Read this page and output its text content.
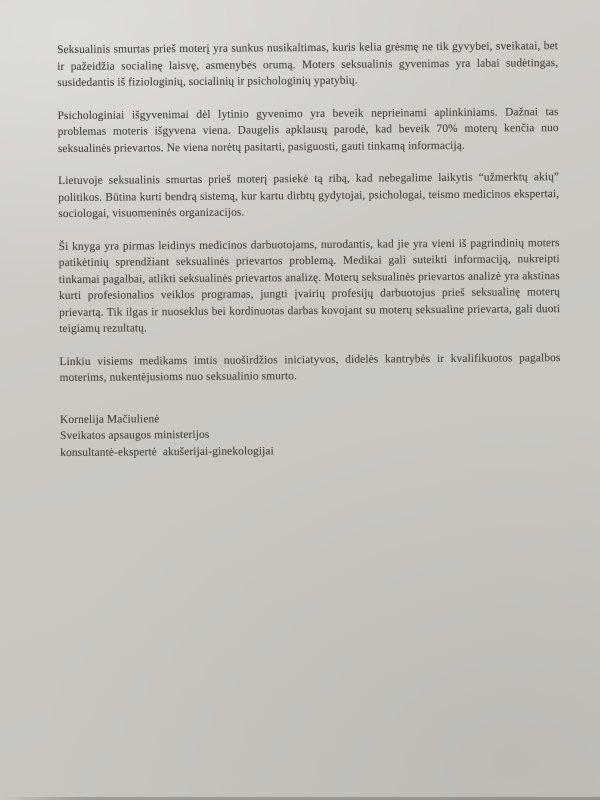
Seksualinis smurtas prieš moterį yra sunkus nusikaltimas, kuris kelia grėsmę ne tik gyvybei, sveikatai, bet ir pažeidžia socialinę laisvę, asmenybės orumą. Moters seksualinis gyvenimas yra labai sudėtingas, susidedantis iš fiziologinių, socialinių ir psichologinių ypatybių.

Psichologiniai išgyvenimai dėl lytinio gyvenimo yra beveik neprieinami aplinkiniams. Dažnai tas problemas moteris išgyvena viena. Daugelis apklausų parodė, kad beveik 70% moterų kenčia nuo seksualinės prievartos. Ne viena norėtų pasitarti, pasiguosti, gauti tinkamą informaciją.

Lietuvoje seksualinis smurtas prieš moterį pasiekė tą ribą, kad nebegalime laikytis “užmerktų akių” politikos. Būtina kurti bendrą sistemą, kur kartu dirbtų gydytojai, psichologai, teismo medicinos ekspertai, sociologai, visuomeninės organizacijos.

Ši knyga yra pirmas leidinys medicinos darbuotojams, nurodantis, kad jie yra vieni iš pagrindinių moters patikėtinių sprendžiant seksualinės prievartos problemą. Medikai gali suteikti informaciją, nukreipti tinkamai pagalbai, atlikti seksualinės prievartos analizę. Moterų seksualinės prievartos analizė yra akstinas kurti profesionalios veiklos programas, jungti įvairių profesijų darbuotojus prieš seksualinę moterų prievartą. Tik ilgas ir nuoseklus bei kordinuotas darbas kovojant su moterų seksualine prievarta, gali duoti teigiamų rezultatų.

Linkiu visiems medikams imtis nuoširdžios iniciatyvos, didelės kantrybės ir kvalifikuotos pagalbos moterims, nukentėjusioms nuo seksualinio smurto.

Kornelija Mačiulienė
Sveikatos apsaugos ministerijos
konsultantė-ekspertė  akušerijai-ginekologijai
